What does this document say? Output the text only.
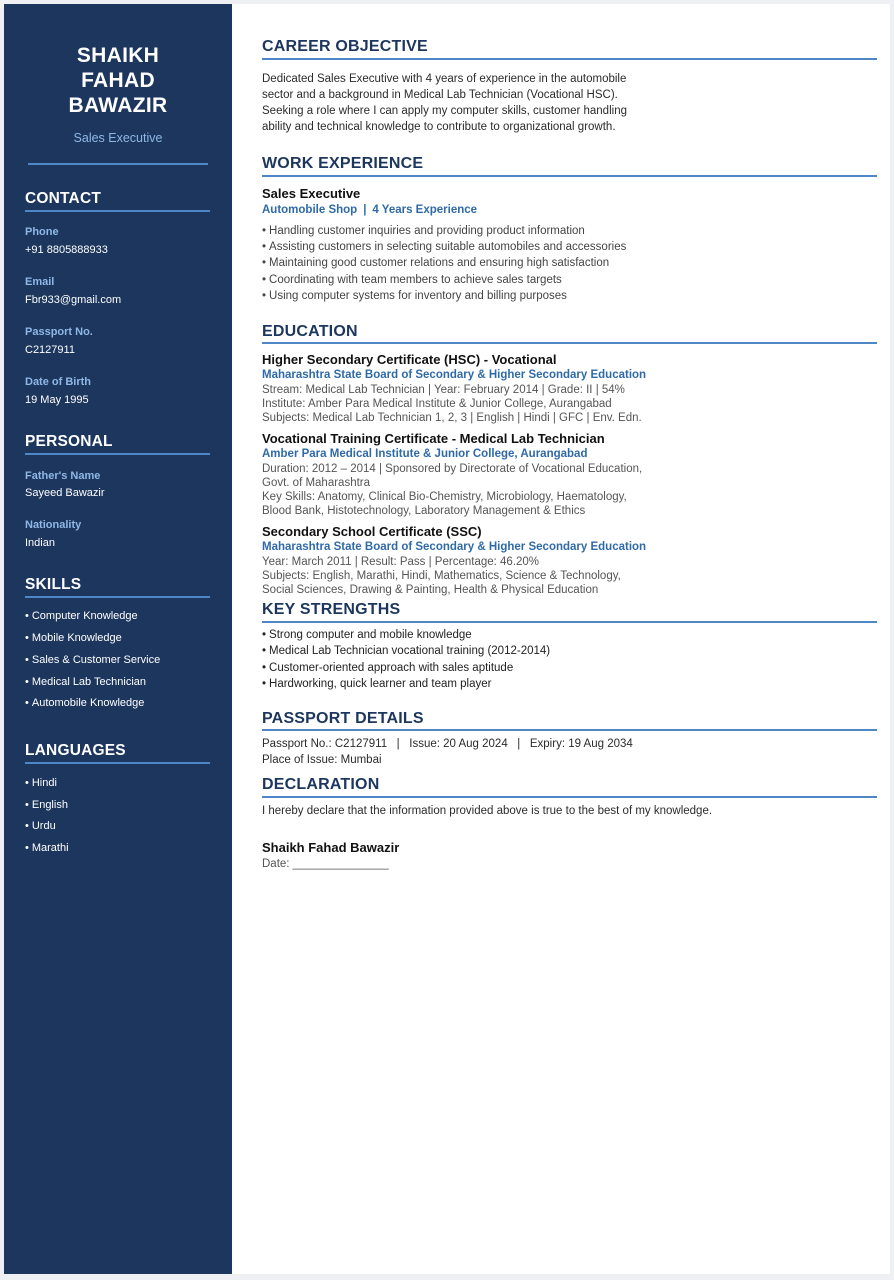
SHAIKH
FAHAD
BAWAZIR
Sales Executive
CONTACT
Phone
+91 8805888933
Email
Fbr933@gmail.com
Passport No.
C2127911
Date of Birth
19 May 1995
PERSONAL
Father's Name
Sayeed Bawazir
Nationality
Indian
SKILLS
• Computer Knowledge
• Mobile Knowledge
• Sales & Customer Service
• Medical Lab Technician
• Automobile Knowledge
LANGUAGES
• Hindi
• English
• Urdu
• Marathi
CAREER OBJECTIVE
Dedicated Sales Executive with 4 years of experience in the automobile
sector and a background in Medical Lab Technician (Vocational HSC).
Seeking a role where I can apply my computer skills, customer handling
ability and technical knowledge to contribute to organizational growth.
WORK EXPERIENCE
Sales Executive
Automobile Shop | 4 Years Experience
• Handling customer inquiries and providing product information
• Assisting customers in selecting suitable automobiles and accessories
• Maintaining good customer relations and ensuring high satisfaction
• Coordinating with team members to achieve sales targets
• Using computer systems for inventory and billing purposes
EDUCATION
Higher Secondary Certificate (HSC) - Vocational
Maharashtra State Board of Secondary & Higher Secondary Education
Stream: Medical Lab Technician | Year: February 2014 | Grade: II | 54%
Institute: Amber Para Medical Institute & Junior College, Aurangabad
Subjects: Medical Lab Technician 1, 2, 3 | English | Hindi | GFC | Env. Edn.
Vocational Training Certificate - Medical Lab Technician
Amber Para Medical Institute & Junior College, Aurangabad
Duration: 2012 – 2014 | Sponsored by Directorate of Vocational Education,
Govt. of Maharashtra
Key Skills: Anatomy, Clinical Bio-Chemistry, Microbiology, Haematology,
Blood Bank, Histotechnology, Laboratory Management & Ethics
Secondary School Certificate (SSC)
Maharashtra State Board of Secondary & Higher Secondary Education
Year: March 2011 | Result: Pass | Percentage: 46.20%
Subjects: English, Marathi, Hindi, Mathematics, Science & Technology,
Social Sciences, Drawing & Painting, Health & Physical Education
KEY STRENGTHS
• Strong computer and mobile knowledge
• Medical Lab Technician vocational training (2012-2014)
• Customer-oriented approach with sales aptitude
• Hardworking, quick learner and team player
PASSPORT DETAILS
Passport No.: C2127911   |   Issue: 20 Aug 2024   |   Expiry: 19 Aug 2034
Place of Issue: Mumbai
DECLARATION
I hereby declare that the information provided above is true to the best of my knowledge.
Shaikh Fahad Bawazir
Date: _______________
